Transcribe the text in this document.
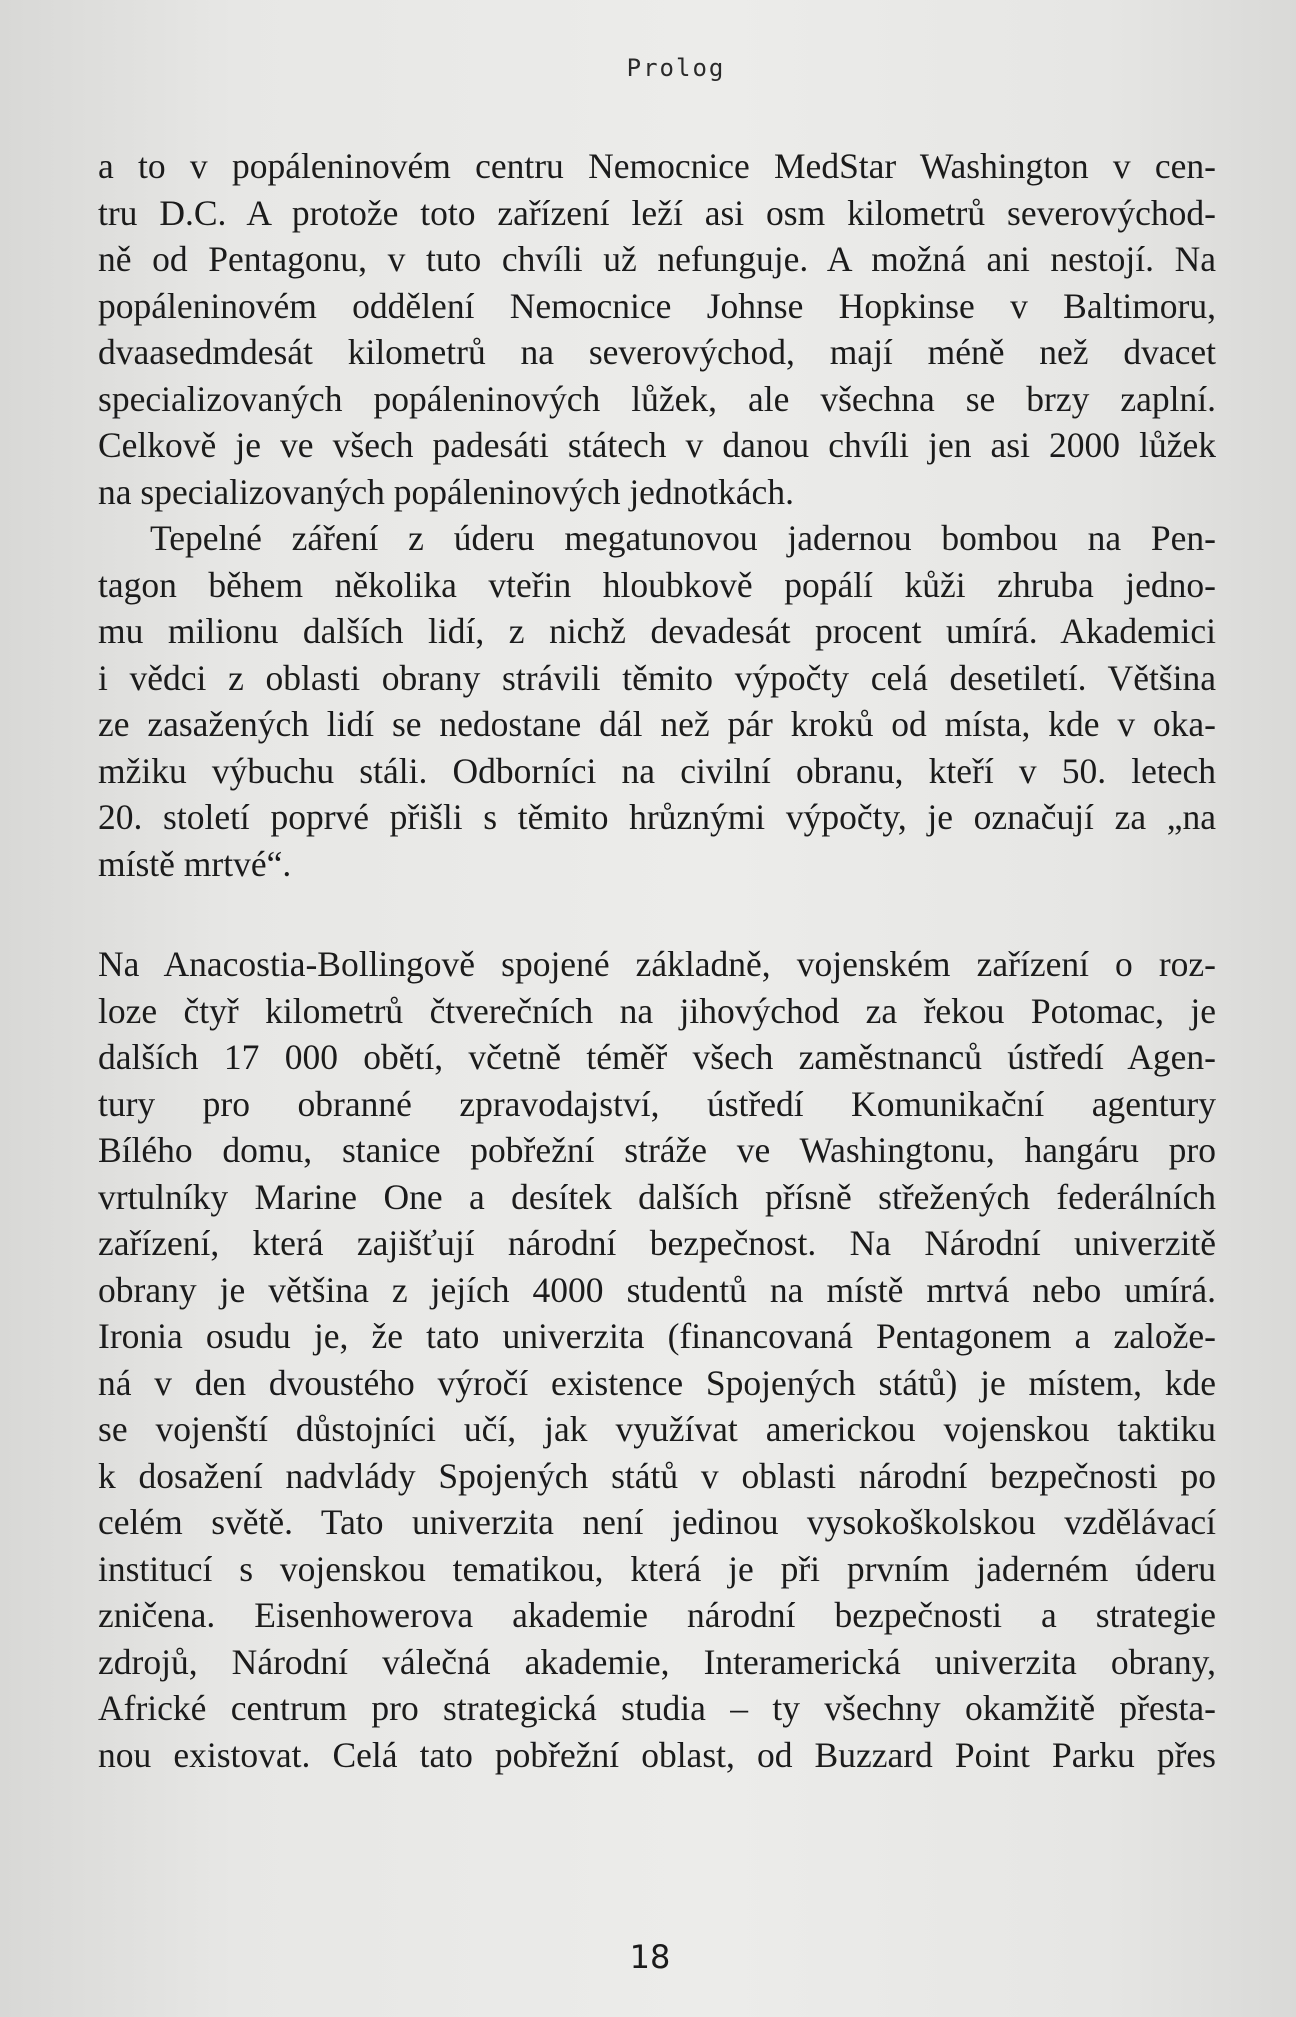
Prolog
a to v popáleninovém centru Nemocnice MedStar Washington v cen-
tru D.C. A protože toto zařízení leží asi osm kilometrů severovýchod-
ně od Pentagonu, v tuto chvíli už nefunguje. A možná ani nestojí. Na
popáleninovém oddělení Nemocnice Johnse Hopkinse v Baltimoru,
dvaasedmdesát kilometrů na severovýchod, mají méně než dvacet
specializovaných popáleninových lůžek, ale všechna se brzy zaplní.
Celkově je ve všech padesáti státech v danou chvíli jen asi 2000 lůžek
na specializovaných popáleninových jednotkách.
Tepelné záření z úderu megatunovou jadernou bombou na Pen-
tagon během několika vteřin hloubkově popálí kůži zhruba jedno-
mu milionu dalších lidí, z nichž devadesát procent umírá. Akademici
i vědci z oblasti obrany strávili těmito výpočty celá desetiletí. Většina
ze zasažených lidí se nedostane dál než pár kroků od místa, kde v oka-
mžiku výbuchu stáli. Odborníci na civilní obranu, kteří v 50. letech
20. století poprvé přišli s těmito hrůznými výpočty, je označují za „na
místě mrtvé“.
Na Anacostia-Bollingově spojené základně, vojenském zařízení o roz-
loze čtyř kilometrů čtverečních na jihovýchod za řekou Potomac, je
dalších 17 000 obětí, včetně téměř všech zaměstnanců ústředí Agen-
tury pro obranné zpravodajství, ústředí Komunikační agentury
Bílého domu, stanice pobřežní stráže ve Washingtonu, hangáru pro
vrtulníky Marine One a desítek dalších přísně střežených federálních
zařízení, která zajišťují národní bezpečnost. Na Národní univerzitě
obrany je většina z jejích 4000 studentů na místě mrtvá nebo umírá.
Ironia osudu je, že tato univerzita (financovaná Pentagonem a založe-
ná v den dvoustého výročí existence Spojených států) je místem, kde
se vojenští důstojníci učí, jak využívat americkou vojenskou taktiku
k dosažení nadvlády Spojených států v oblasti národní bezpečnosti po
celém světě. Tato univerzita není jedinou vysokoškolskou vzdělávací
institucí s vojenskou tematikou, která je při prvním jaderném úderu
zničena. Eisenhowerova akademie národní bezpečnosti a strategie
zdrojů, Národní válečná akademie, Interamerická univerzita obrany,
Africké centrum pro strategická studia – ty všechny okamžitě přesta-
nou existovat. Celá tato pobřežní oblast, od Buzzard Point Parku přes
18
